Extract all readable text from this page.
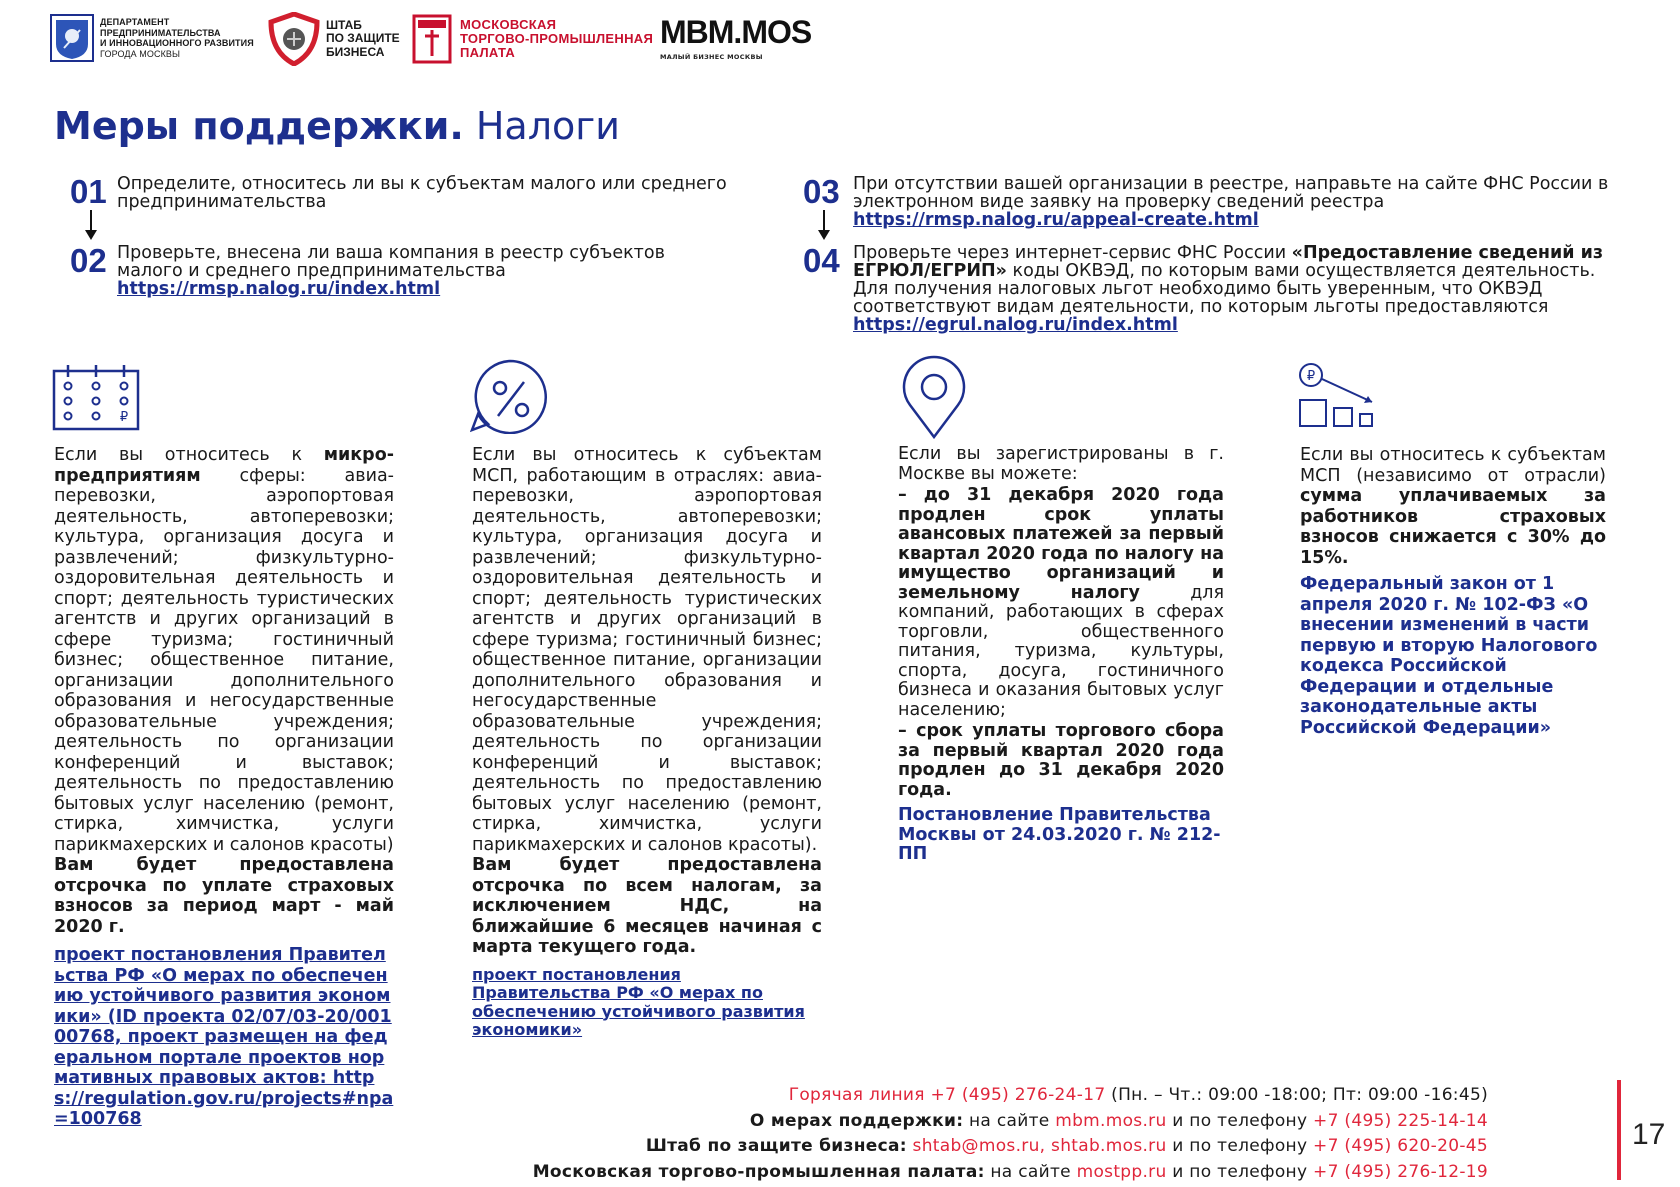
ДЕПАРТАМЕНТ
ПРЕДПРИНИМАТЕЛЬСТВА
И ИННОВАЦИОННОГО РАЗВИТИЯ
ГОРОДА МОСКВЫ
ШТАБ
ПО ЗАЩИТЕ
БИЗНЕСА
МОСКОВСКАЯ
ТОРГОВО-ПРОМЫШЛЕННАЯ
ПАЛАТА
MBM.MOS
МАЛЫЙ БИЗНЕС МОСКВЫ
Меры поддержки. Налоги
01 Определите, относитесь ли вы к субъектам малого или среднего предпринимательства
02 Проверьте, внесена ли ваша компания в реестр субъектов малого и среднего предпринимательства
https://rmsp.nalog.ru/index.html
03 При отсутствии вашей организации в реестре, направьте на сайте ФНС России в электронном виде заявку на проверку сведений реестра
https://rmsp.nalog.ru/appeal-create.html
04 Проверьте через интернет-сервис ФНС России «Предоставление сведений из ЕГРЮЛ/ЕГРИП» коды ОКВЭД, по которым вами осуществляется деятельность. Для получения налоговых льгот необходимо быть уверенным, что ОКВЭД соответствуют видам деятельности, по которым льготы предоставляются
https://egrul.nalog.ru/index.html
₽
₽

Если вы относитесь к микро-предприятиям сферы: авиа-перевозки, аэропортовая деятельность, автоперевозки; культура, организация досуга и развлечений; физкультурно-оздоровительная деятельность и спорт; деятельность туристических агентств и других организаций в сфере туризма; гостиничный бизнес; общественное питание, организации дополнительного образования и негосударственные образовательные учреждения; деятельность по организации конференций и выставок; деятельность по предоставлению бытовых услуг населению (ремонт, стирка, химчистка, услуги парикмахерских и салонов красоты)

Вам будет предоставлена отсрочка по уплате страховых взносов за период март - май 2020 г.

проект постановления Правительства РФ «О мерах по обеспечению устойчивого развития экономики» (ID проекта 02/07/03-20/00100768, проект размещен на федеральном портале проектов нормативных правовых актов: https://regulation.gov.ru/projects#npa=100768

Если вы относитесь к субъектам МСП, работающим в отраслях: авиа-перевозки, аэропортовая деятельность, автоперевозки; культура, организация досуга и развлечений; физкультурно-оздоровительная деятельность и спорт; деятельность туристических агентств и других организаций в сфере туризма; гостиничный бизнес; общественное питание, организации дополнительного образования и негосударственные образовательные учреждения; деятельность по организации конференций и выставок; деятельность по предоставлению бытовых услуг населению (ремонт, стирка, химчистка, услуги парикмахерских и салонов красоты).

Вам будет предоставлена отсрочка по всем налогам, за исключением НДС, на ближайшие 6 месяцев начиная с марта текущего года.

проект постановления Правительства РФ «О мерах по обеспечению устойчивого развития экономики»

Если вы зарегистрированы в г. Москве вы можете:

– до 31 декабря 2020 года продлен срок уплаты авансовых платежей за первый квартал 2020 года по налогу на имущество организаций и земельному налогу для компаний, работающих в сферах торговли, общественного питания, туризма, культуры, спорта, досуга, гостиничного бизнеса и оказания бытовых услуг населению;

– срок уплаты торгового сбора за первый квартал 2020 года продлен до 31 декабря 2020 года.

Постановление Правительства Москвы от 24.03.2020 г. № 212-ПП

Если вы относитесь к субъектам МСП (независимо от отрасли) сумма уплачиваемых за работников страховых взносов снижается с 30% до 15%.

Федеральный закон от 1 апреля 2020 г. № 102-ФЗ «О внесении изменений в части первую и вторую Налогового кодекса Российской Федерации и отдельные законодательные акты Российской Федерации»

Горячая линия +7 (495) 276-24-17 (Пн. – Чт.: 09:00 -18:00; Пт: 09:00 -16:45)
О мерах поддержки: на сайте mbm.mos.ru и по телефону +7 (495) 225-14-14
Штаб по защите бизнеса: shtab@mos.ru, shtab.mos.ru и по телефону +7 (495) 620-20-45
Московская торгово-промышленная палата: на сайте mostpp.ru и по телефону +7 (495) 276-12-19
17
